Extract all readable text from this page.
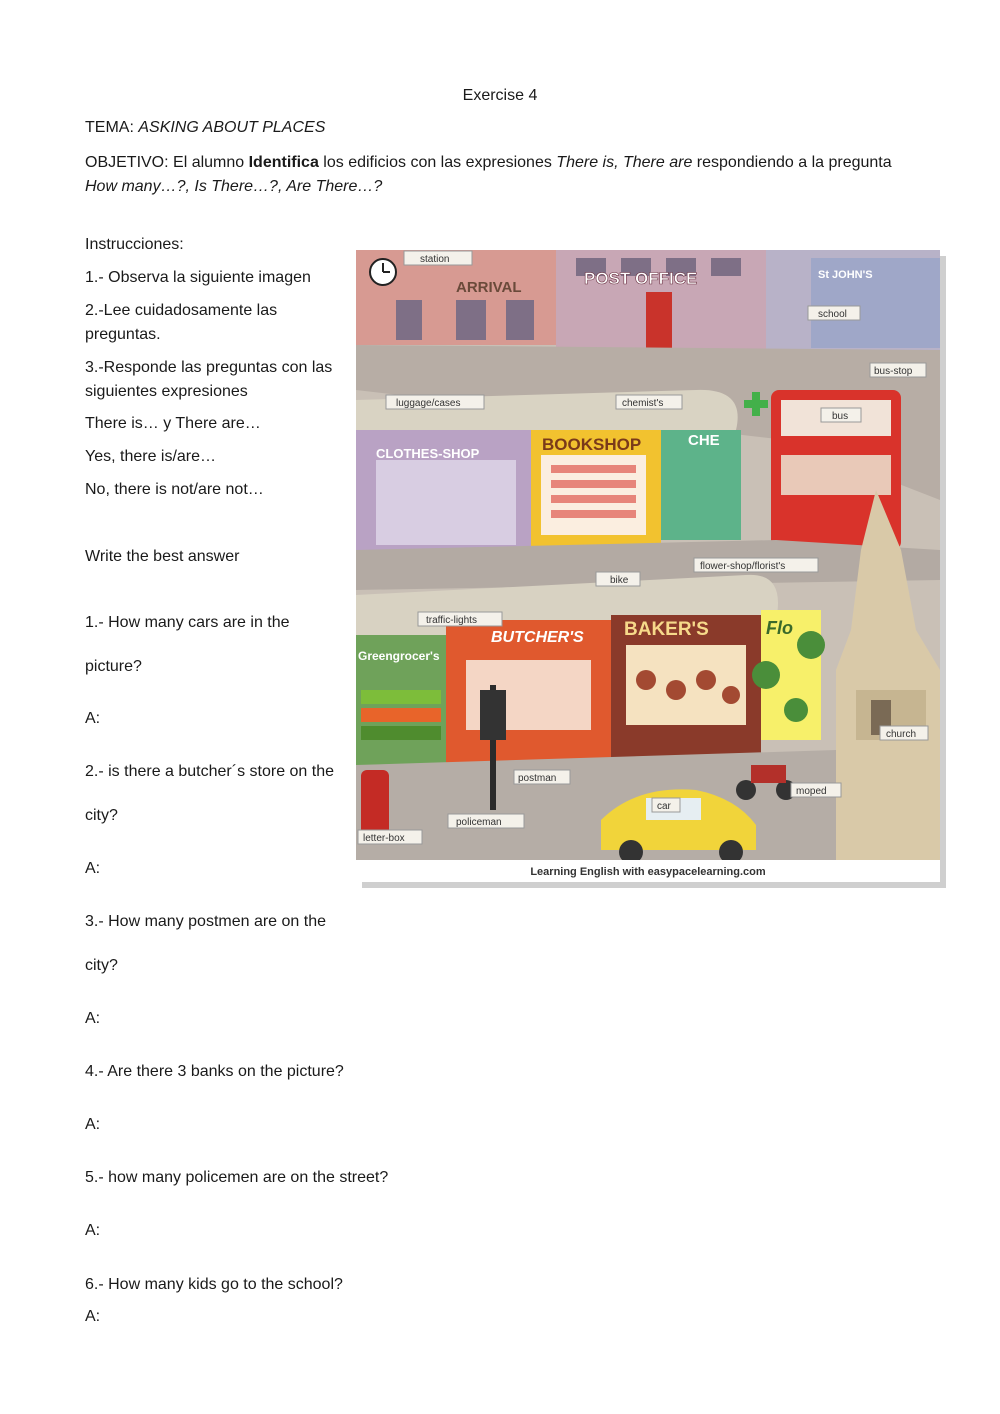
Exercise 4
TEMA: ASKING ABOUT PLACES
OBJETIVO: El alumno Identifica los edificios con las expresiones There is, There are respondiendo a la pregunta How many…?, Is There…?, Are There…?
Instrucciones:
1.- Observa la siguiente imagen
2.-Lee cuidadosamente las
preguntas.
3.-Responde las preguntas con las
siguientes expresiones
There is… y There are…
Yes, there is/are…
No, there is not/are not…
Write the best answer
1.- How many cars are in the
picture?
A:
2.- is there a butcher´s store on the
city?
A:
3.- How many postmen are on the
city?
A:
4.- Are there 3 banks on the picture?
A:
5.- how many policemen are on the street?
A:
6.- How many kids go to the school?
A:
ARRIVAL	POST OFFICE	St JOHN'S
CLOTHES-SHOP	BOOKSHOP	CHE
BUTCHER'S BAKER'S	Flo
Greengrocer's
station
school
bus-stop
luggage/cases	chemist's
bus
bike
flower-shop/florist's
traffic-lights
church
postman
car
moped
policeman
letter-box
Learning English with easypacelearning.com
